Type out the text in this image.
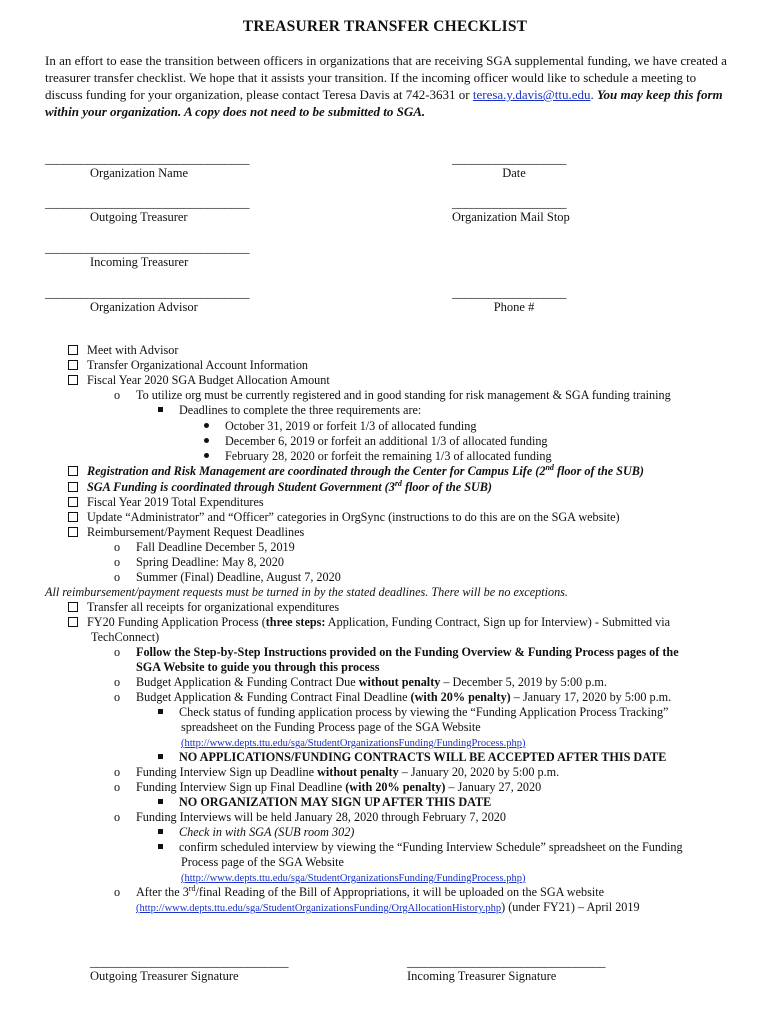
TREASURER TRANSFER CHECKLIST
In an effort to ease the transition between officers in organizations that are receiving SGA supplemental funding, we have created a treasurer transfer checklist. We hope that it assists your transition. If the incoming officer would like to schedule a meeting to discuss funding for your organization, please contact Teresa Davis at 742-3631 or teresa.y.davis@ttu.edu. You may keep this form within your organization. A copy does not need to be submitted to SGA.
__________________________________
Organization Name
___________________
Date
__________________________________
Outgoing Treasurer
___________________
Organization Mail Stop
__________________________________
Incoming Treasurer
__________________________________
Organization Advisor
___________________
Phone #
Meet with Advisor
Transfer Organizational Account Information
Fiscal Year 2020 SGA Budget Allocation Amount
o To utilize org must be currently registered and in good standing for risk management & SGA funding training
Deadlines to complete the three requirements are:
October 31, 2019 or forfeit 1/3 of allocated funding
December 6, 2019 or forfeit an additional 1/3 of allocated funding
February 28, 2020 or forfeit the remaining 1/3 of allocated funding
Registration and Risk Management are coordinated through the Center for Campus Life (2nd floor of the SUB)
SGA Funding is coordinated through Student Government (3rd floor of the SUB)
Fiscal Year 2019 Total Expenditures
Update “Administrator” and “Officer” categories in OrgSync (instructions to do this are on the SGA website)
Reimbursement/Payment Request Deadlines
o Fall Deadline December 5, 2019
o Spring Deadline: May 8, 2020
o Summer (Final) Deadline, August 7, 2020
All reimbursement/payment requests must be turned in by the stated deadlines. There will be no exceptions.
Transfer all receipts for organizational expenditures
FY20 Funding Application Process (three steps: Application, Funding Contract, Sign up for Interview) - Submitted via
TechConnect)
o Follow the Step-by-Step Instructions provided on the Funding Overview & Funding Process pages of the
SGA Website to guide you through this process
o Budget Application & Funding Contract Due without penalty – December 5, 2019 by 5:00 p.m.
o Budget Application & Funding Contract Final Deadline (with 20% penalty) – January 17, 2020 by 5:00 p.m.
Check status of funding application process by viewing the “Funding Application Process Tracking”
spreadsheet on the Funding Process page of the SGA Website
(http://www.depts.ttu.edu/sga/StudentOrganizationsFunding/FundingProcess.php)
NO APPLICATIONS/FUNDING CONTRACTS WILL BE ACCEPTED AFTER THIS DATE
o Funding Interview Sign up Deadline without penalty – January 20, 2020 by 5:00 p.m.
o Funding Interview Sign up Final Deadline (with 20% penalty) – January 27, 2020
NO ORGANIZATION MAY SIGN UP AFTER THIS DATE
o Funding Interviews will be held January 28, 2020 through February 7, 2020
Check in with SGA (SUB room 302)
confirm scheduled interview by viewing the “Funding Interview Schedule” spreadsheet on the Funding
Process page of the SGA Website
(http://www.depts.ttu.edu/sga/StudentOrganizationsFunding/FundingProcess.php)
o After the 3rd/final Reading of the Bill of Appropriations, it will be uploaded on the SGA website
(http://www.depts.ttu.edu/sga/StudentOrganizationsFunding/OrgAllocationHistory.php) (under FY21) – April 2019
_________________________________
Outgoing Treasurer Signature
_________________________________
Incoming Treasurer Signature
